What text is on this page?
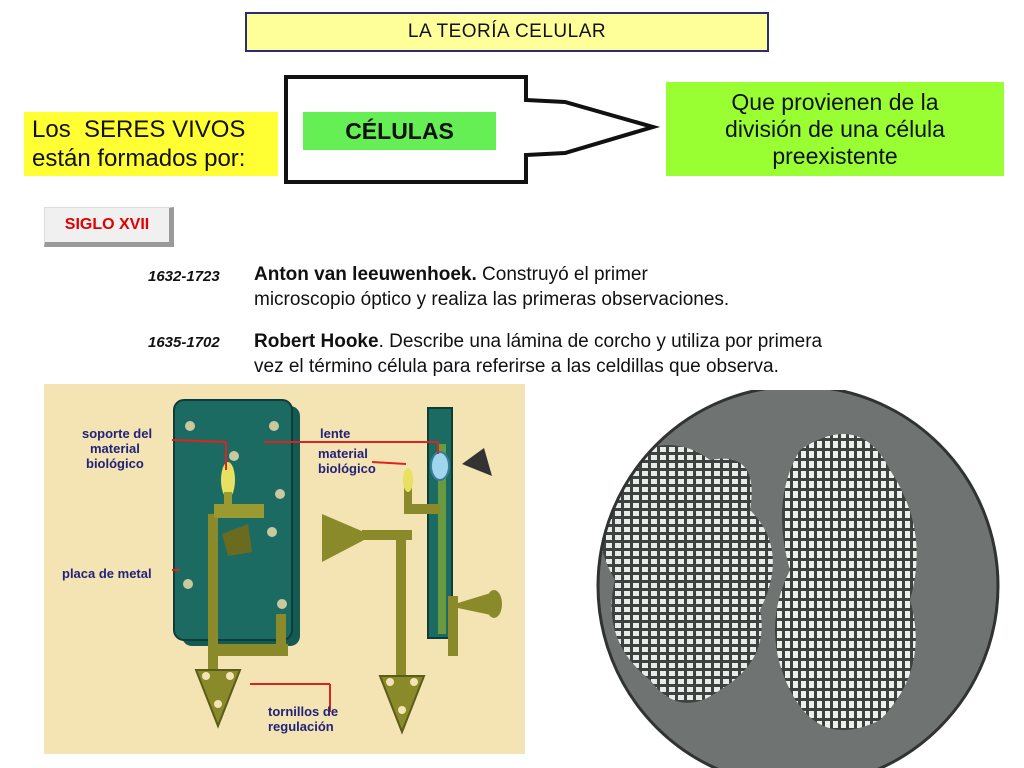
LA TEORÍA CELULAR
Los  SERES VIVOS
están formados por:
CÉLULAS
Que provienen de la
división de una célula
preexistente
SIGLO XVII
1632-1723 Anton van leeuwenhoek. Construyó el primer
microscopio óptico y realiza las primeras observaciones.
1635-1702 Robert Hooke. Describe una lámina de corcho y utiliza por primera
vez el término célula para referirse a las celdillas que observa.
soporte del
material
biológico
lente
material
biológico
placa de metal
tornillos de
regulación
